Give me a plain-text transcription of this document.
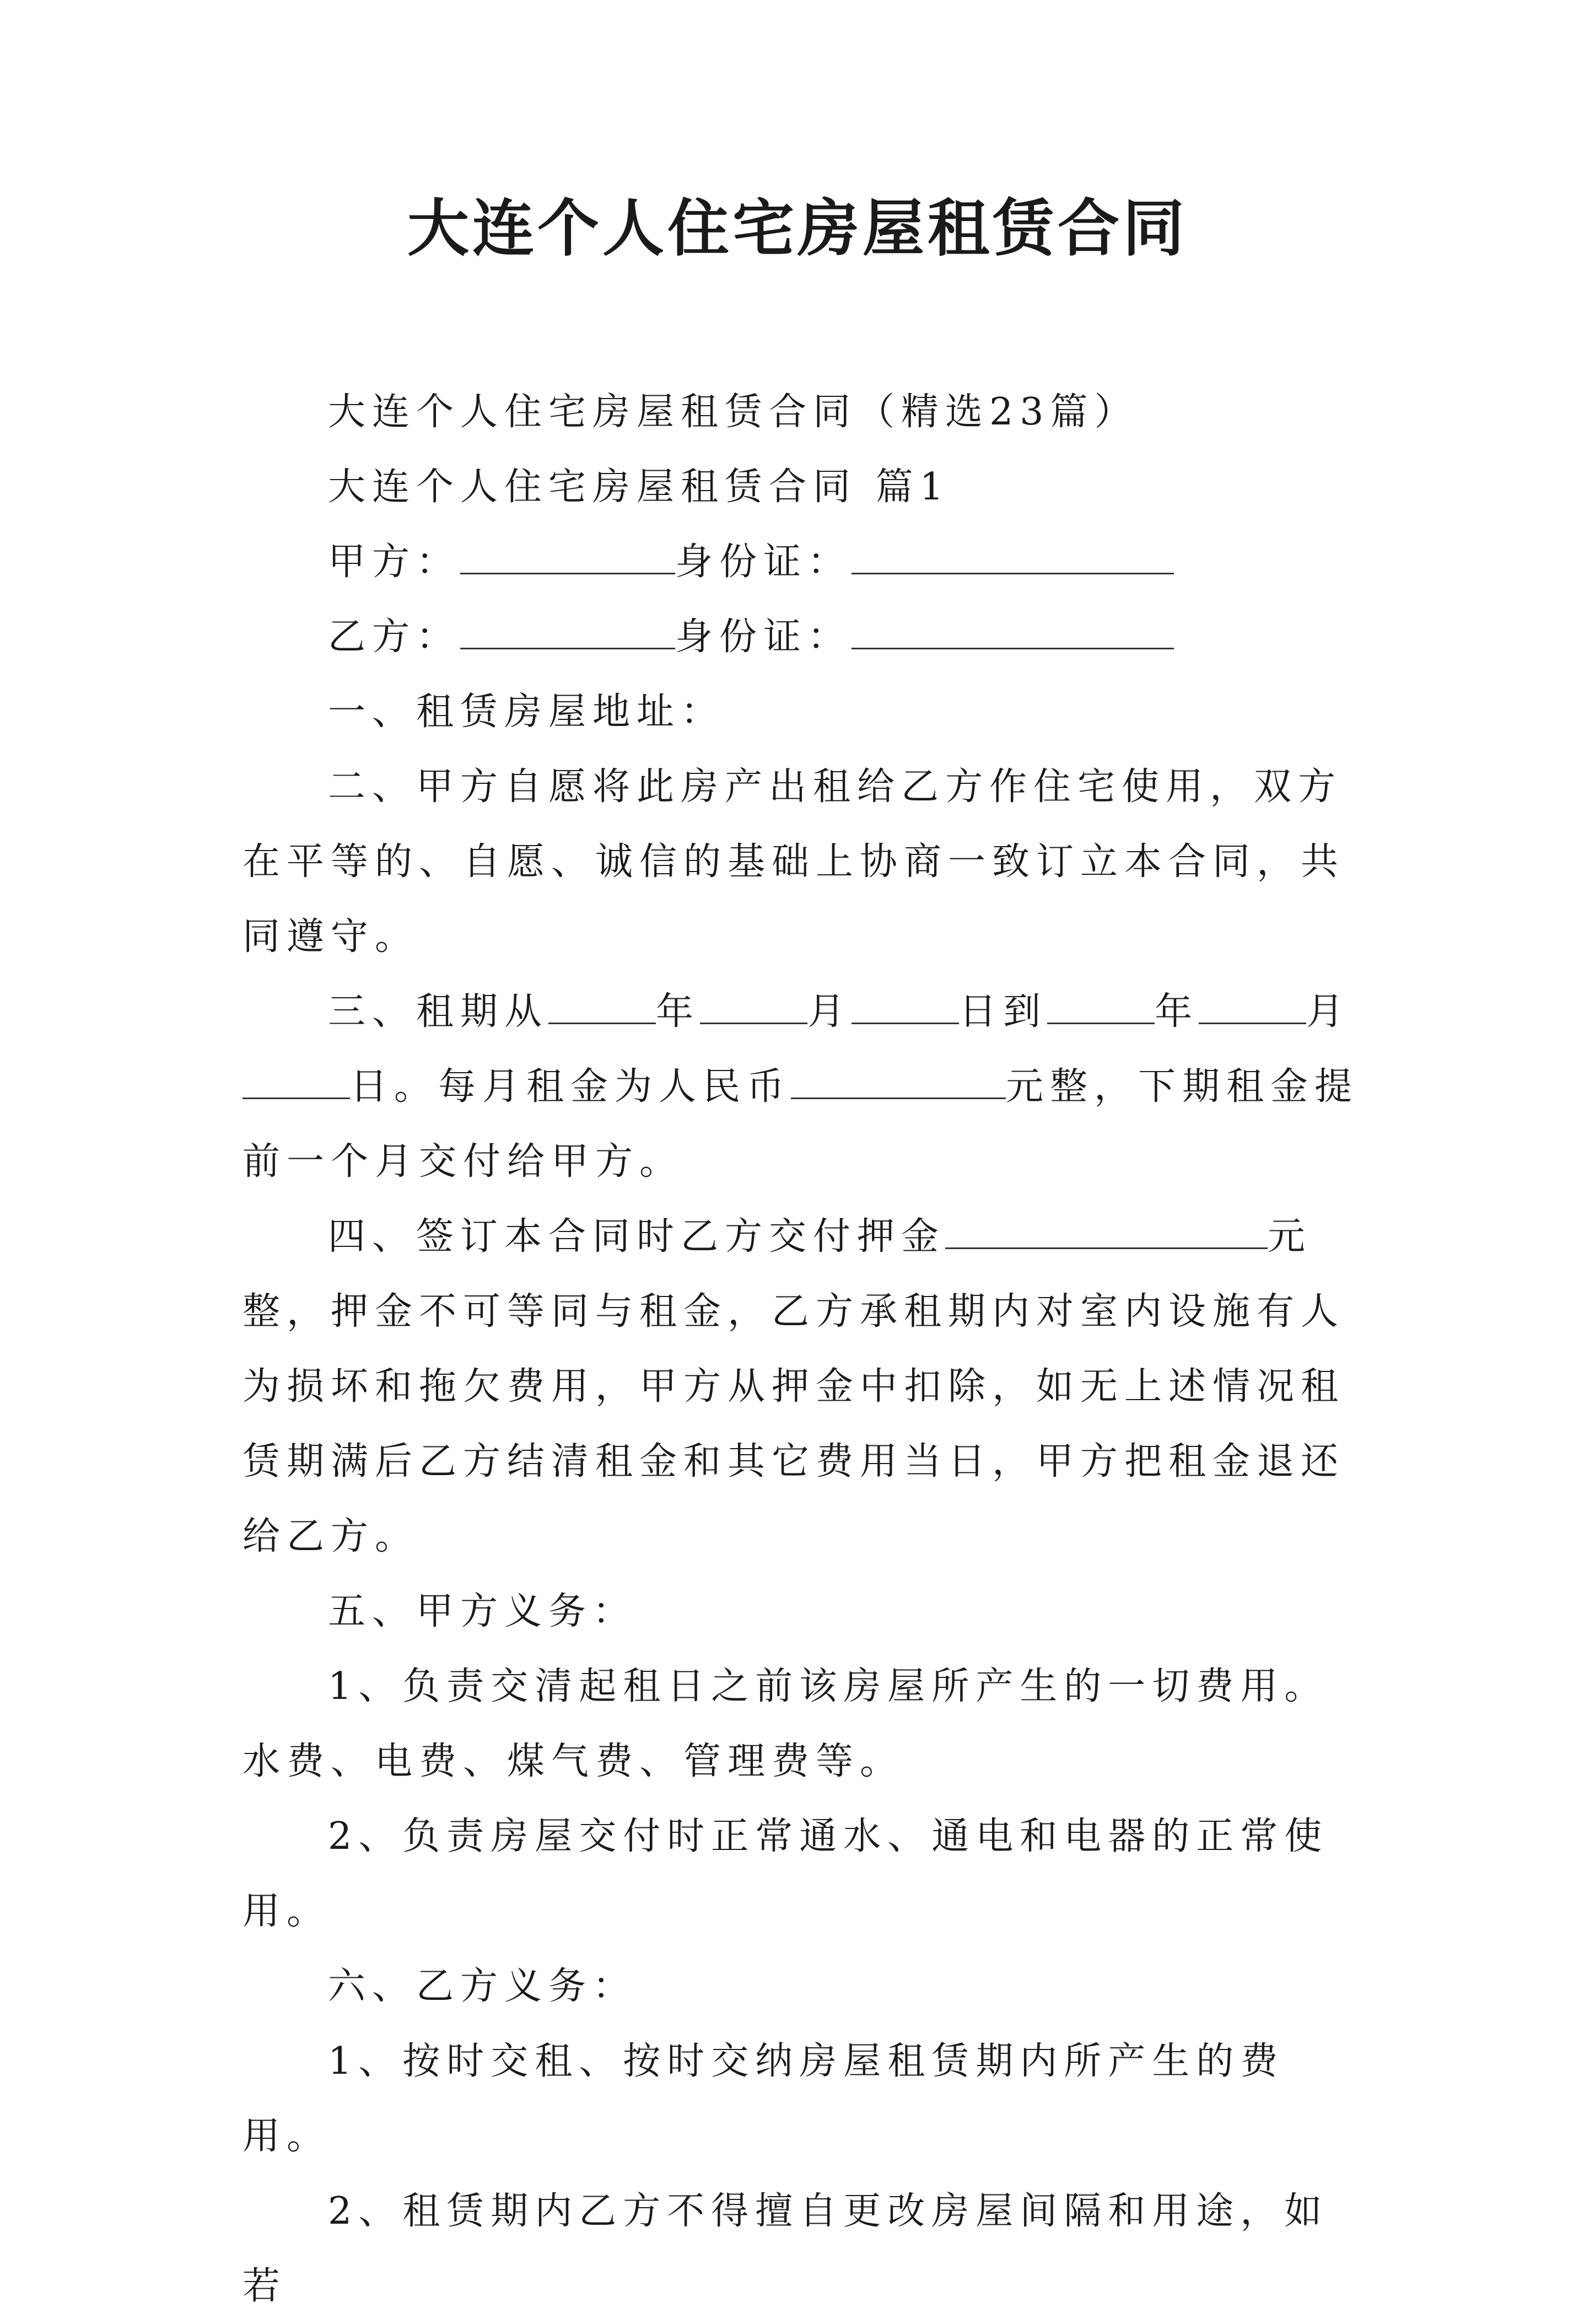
大连个人住宅房屋租赁合同

大连个人住宅房屋租赁合同（精选23篇）

大连个人住宅房屋租赁合同 篇1

甲方：	身份证：

乙方：	身份证：

一、租赁房屋地址：

二、甲方自愿将此房产出租给乙方作住宅使用，双方在平等的、自愿、诚信的基础上协商一致订立本合同，共同遵守。

三、租期从	年	月	日到	年	月日。每月租金为人民币	元整，下期租金提前一个月交付给甲方。

四、签订本合同时乙方交付押金	元整，押金不可等同与租金，乙方承租期内对室内设施有人为损坏和拖欠费用，甲方从押金中扣除，如无上述情况租赁期满后乙方结清租金和其它费用当日，甲方把租金退还给乙方。

五、甲方义务：

1、负责交清起租日之前该房屋所产生的一切费用。水费、电费、煤气费、管理费等。

2、负责房屋交付时正常通水、通电和电器的正常使用。

六、乙方义务：

1、按时交租、按时交纳房屋租赁期内所产生的费用。

2、租赁期内乙方不得擅自更改房屋间隔和用途，如若
